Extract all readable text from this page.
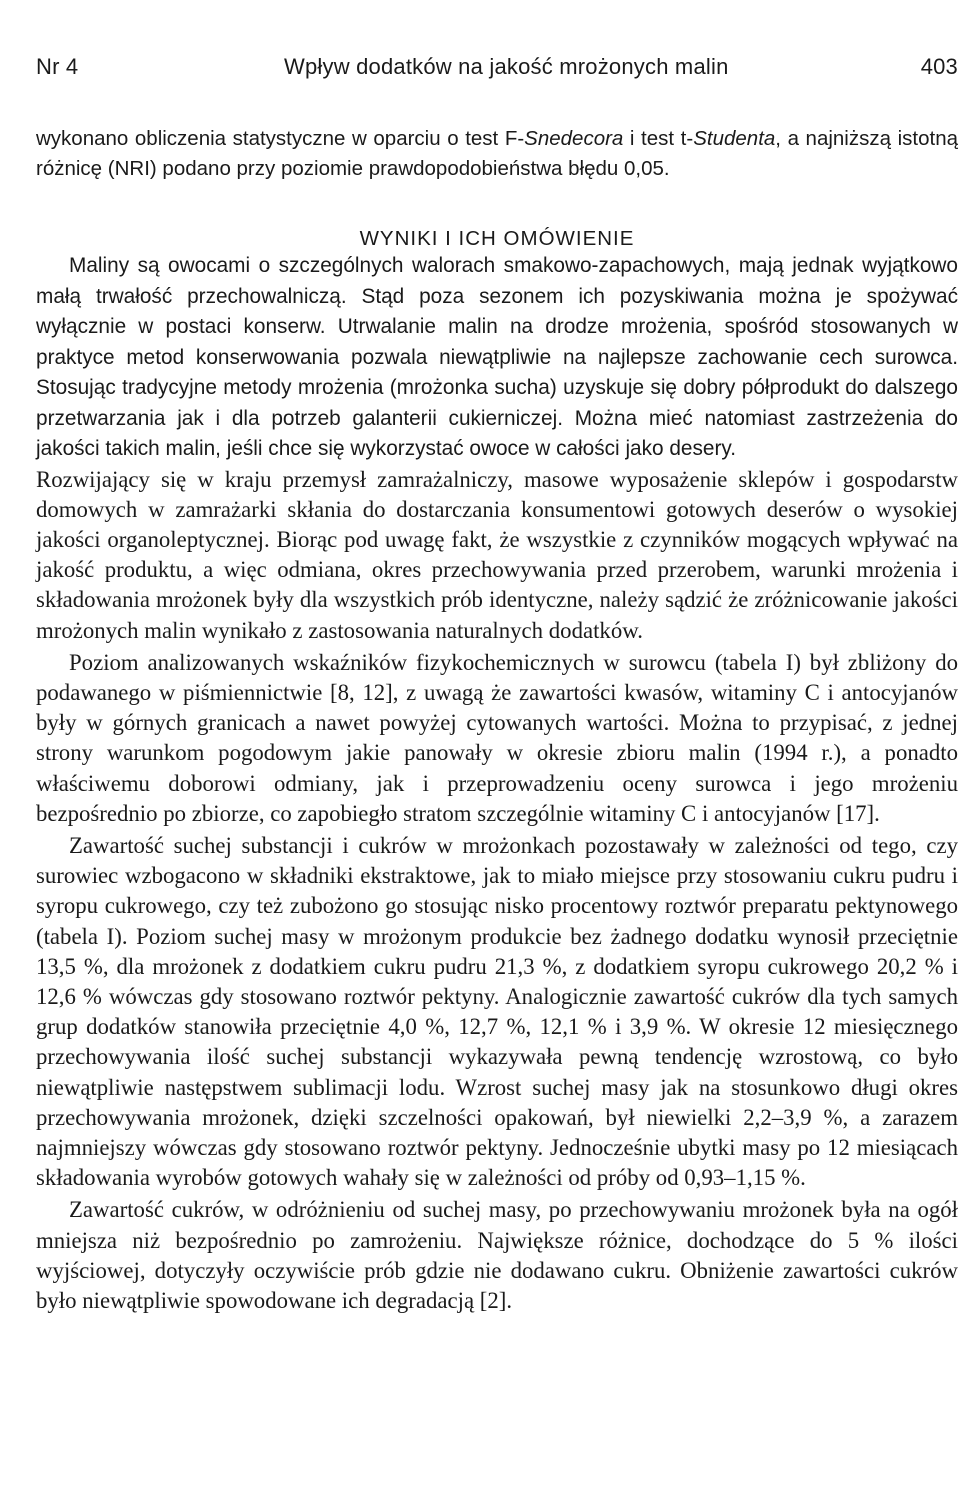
Nr 4	Wpływ dodatków na jakość mrożonych malin	403

wykonano obliczenia statystyczne w oparciu o test F-Snedecora i test t-Studenta, a najniższą istotną różnicę (NRI) podano przy poziomie prawdopodobieństwa błędu 0,05.

WYNIKI I ICH OMÓWIENIE

Maliny są owocami o szczególnych walorach smakowo-zapachowych, mają jednak wyjątkowo małą trwałość przechowalniczą. Stąd poza sezonem ich pozyskiwania można je spożywać wyłącznie w postaci konserw. Utrwalanie malin na drodze mrożenia, spośród stosowanych w praktyce metod konserwowania pozwala niewątpliwie na najlepsze zachowanie cech surowca. Stosując tradycyjne metody mrożenia (mrożonka sucha) uzyskuje się dobry półprodukt do dalszego przetwarzania jak i dla potrzeb galanterii cukierniczej. Można mieć natomiast zastrzeżenia do jakości takich malin, jeśli chce się wykorzystać owoce w całości jako desery.

Rozwijający się w kraju przemysł zamrażalniczy, masowe wyposażenie sklepów i gospodarstw domowych w zamrażarki skłania do dostarczania konsumentowi gotowych deserów o wysokiej jakości organoleptycznej. Biorąc pod uwagę fakt, że wszystkie z czynników mogących wpływać na jakość produktu, a więc odmiana, okres przechowywania przed przerobem, warunki mrożenia i składowania mrożonek były dla wszystkich prób identyczne, należy sądzić że zróżnicowanie jakości mrożonych malin wynikało z zastosowania naturalnych dodatków.

Poziom analizowanych wskaźników fizykochemicznych w surowcu (tabela I) był zbliżony do podawanego w piśmiennictwie [8, 12], z uwagą że zawartości kwasów, witaminy C i antocyjanów były w górnych granicach a nawet powyżej cytowanych wartości. Można to przypisać, z jednej strony warunkom pogodowym jakie panowały w okresie zbioru malin (1994 r.), a ponadto właściwemu doborowi odmiany, jak i przeprowadzeniu oceny surowca i jego mrożeniu bezpośrednio po zbiorze, co zapobiegło stratom szczególnie witaminy C i antocyjanów [17].

Zawartość suchej substancji i cukrów w mrożonkach pozostawały w zależności od tego, czy surowiec wzbogacono w składniki ekstraktowe, jak to miało miejsce przy stosowaniu cukru pudru i syropu cukrowego, czy też zubożono go stosując nisko procentowy roztwór preparatu pektynowego (tabela I). Poziom suchej masy w mrożonym produkcie bez żadnego dodatku wynosił przeciętnie 13,5 %, dla mrożonek z dodatkiem cukru pudru 21,3 %, z dodatkiem syropu cukrowego 20,2 % i 12,6 % wówczas gdy stosowano roztwór pektyny. Analogicznie zawartość cukrów dla tych samych grup dodatków stanowiła przeciętnie 4,0 %, 12,7 %, 12,1 % i 3,9 %. W okresie 12 miesięcznego przechowywania ilość suchej substancji wykazywała pewną tendencję wzrostową, co było niewątpliwie następstwem sublimacji lodu. Wzrost suchej masy jak na stosunkowo długi okres przechowywania mrożonek, dzięki szczelności opakowań, był niewielki 2,2–3,9 %, a zarazem najmniejszy wówczas gdy stosowano roztwór pektyny. Jednocześnie ubytki masy po 12 miesiącach składowania wyrobów gotowych wahały się w zależności od próby od 0,93–1,15 %.

Zawartość cukrów, w odróżnieniu od suchej masy, po przechowywaniu mrożonek była na ogół mniejsza niż bezpośrednio po zamrożeniu. Największe różnice, dochodzące do 5 % ilości wyjściowej, dotyczyły oczywiście prób gdzie nie dodawano cukru. Obniżenie zawartości cukrów było niewątpliwie spowodowane ich degradacją [2].
